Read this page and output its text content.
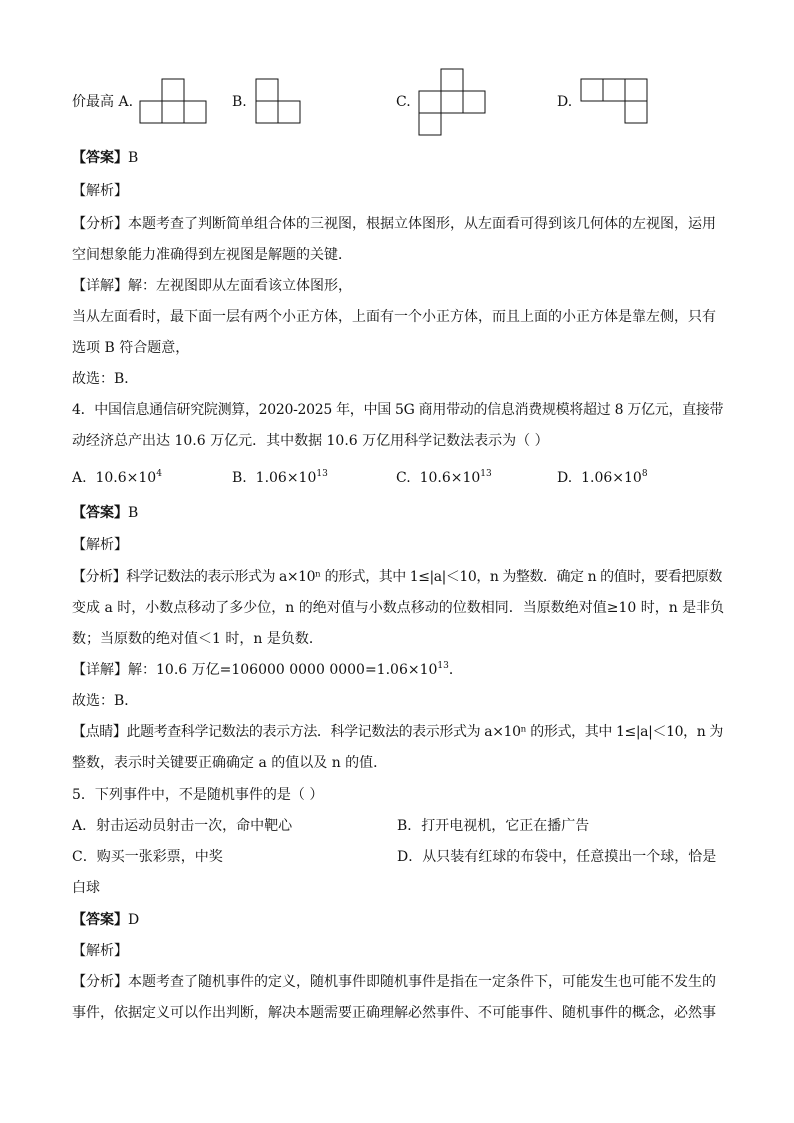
价最高 A.	B.	C.	D.
【答案】B
【解析】
【分析】本题考查了判断简单组合体的三视图，根据立体图形，从左面看可得到该几何体的左视图，运用
空间想象能力准确得到左视图是解题的关键．
【详解】解：左视图即从左面看该立体图形，
当从左面看时，最下面一层有两个小正方体，上面有一个小正方体，而且上面的小正方体是靠左侧，只有
选项 B 符合题意，
故选：B．
4．中国信息通信研究院测算，2020-2025 年，中国 5G 商用带动的信息消费规模将超过 8 万亿元，直接带
动经济总产出达 10.6 万亿元．其中数据 10.6 万亿用科学记数法表示为（ ）
A. $10.6\times 10^4$	B. $1.06\times 10^{13}$	C. $10.6\times 10^{13}$	D. $1.06\times 10^8$
【答案】B
【解析】
【分析】科学记数法的表示形式为 a×10ⁿ 的形式，其中 1≤|a|＜10，n 为整数．确定 n 的值时，要看把原数
变成 a 时，小数点移动了多少位，n 的绝对值与小数点移动的位数相同．当原数绝对值≥10 时，n 是非负
数；当原数的绝对值＜1 时，n 是负数．
【详解】解：10.6 万亿=106000 0000 $0000=1.06\times 10^{13}$．
故选：B．
【点睛】此题考查科学记数法的表示方法．科学记数法的表示形式为 a×10ⁿ 的形式，其中 1≤|a|＜10，n 为
整数，表示时关键要正确确定 a 的值以及 n 的值．
5．下列事件中，不是随机事件的是（ ）
A．射击运动员射击一次，命中靶心	B．打开电视机，它正在播广告
C．购买一张彩票，中奖	D．从只装有红球的布袋中，任意摸出一个球，恰是
白球
【答案】D
【解析】
【分析】本题考查了随机事件的定义，随机事件即随机事件是指在一定条件下，可能发生也可能不发生的
事件，依据定义可以作出判断，解决本题需要正确理解必然事件、不可能事件、随机事件的概念，必然事
